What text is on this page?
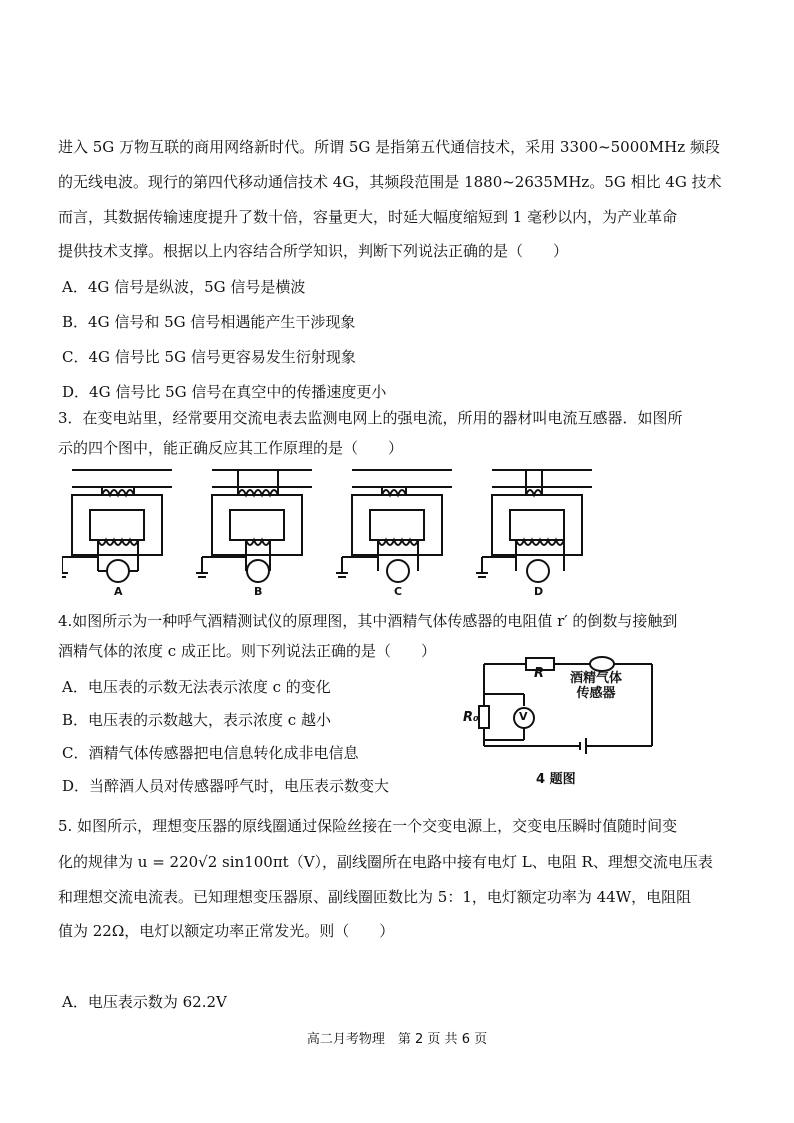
进入 5G 万物互联的商用网络新时代。所谓 5G 是指第五代通信技术，采用 3300~5000MHz 频段
的无线电波。现行的第四代移动通信技术 4G，其频段范围是 1880~2635MHz。5G 相比 4G 技术
而言，其数据传输速度提升了数十倍，容量更大，时延大幅度缩短到 1 毫秒以内，为产业革命
提供技术支撑。根据以上内容结合所学知识，判断下列说法正确的是（　　）
A．4G 信号是纵波，5G 信号是横波
B．4G 信号和 5G 信号相遇能产生干涉现象
C．4G 信号比 5G 信号更容易发生衍射现象
D．4G 信号比 5G 信号在真空中的传播速度更小
3．在变电站里，经常要用交流电表去监测电网上的强电流，所用的器材叫电流互感器．如图所
示的四个图中，能正确反应其工作原理的是（　　）
A	B	C	D
4.如图所示为一种呼气酒精测试仪的原理图，其中酒精气体传感器的电阻值 r′ 的倒数与接触到
酒精气体的浓度 c 成正比。则下列说法正确的是（　　）
A．电压表的示数无法表示浓度 c 的变化
B．电压表的示数越大，表示浓度 c 越小
C．酒精气体传感器把电信息转化成非电信息
D．当醉酒人员对传感器呼气时，电压表示数变大
R
R₀	V
酒精气体
传感器
4 题图
5. 如图所示，理想变压器的原线圈通过保险丝接在一个交变电源上，交变电压瞬时值随时间变
化的规律为 u = 220√2 sin100πt（V），副线圈所在电路中接有电灯 L、电阻 R、理想交流电压表
和理想交流电流表。已知理想变压器原、副线圈匝数比为 5：1，电灯额定功率为 44W，电阻阻
值为 22Ω，电灯以额定功率正常发光。则（　　）
A．电压表示数为 62.2V
高二月考物理　第 2 页 共 6 页
